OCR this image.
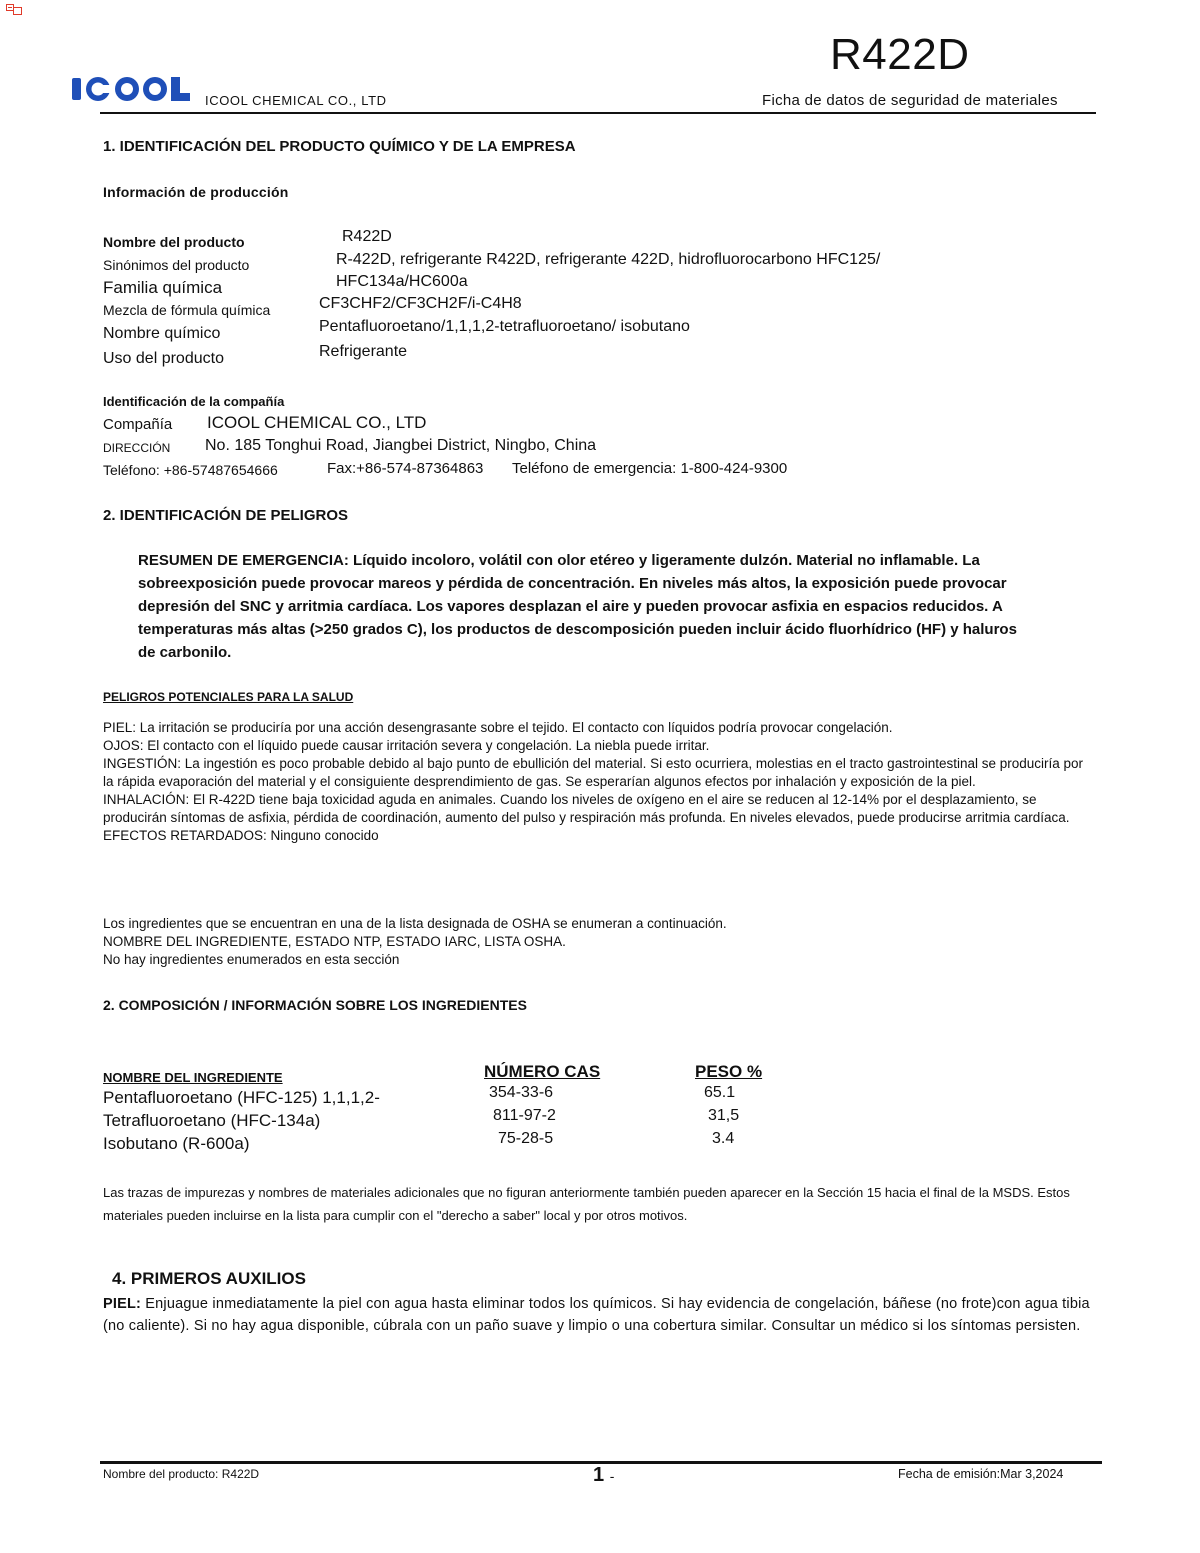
R422D
ICOOL CHEMICAL CO., LTD	Ficha de datos de seguridad de materiales
1. IDENTIFICACIÓN DEL PRODUCTO QUÍMICO Y DE LA EMPRESA
Información de producción
Nombre del producto	R422D
Sinónimos del producto	R-422D, refrigerante R422D, refrigerante 422D, hidrofluorocarbono HFC125/
HFC134a/HC600a
Familia química
Mezcla de fórmula química	CF3CHF2/CF3CH2F/i-C4H8
Nombre químico	Pentafluoroetano/1,1,1,2-tetrafluoroetano/ isobutano
Uso del producto	Refrigerante
Identificación de la compañía
Compañía ICOOL CHEMICAL CO., LTD
DIRECCIÓN No. 185 Tonghui Road, Jiangbei District, Ningbo, China
Teléfono: +86-57487654666	Fax:+86-574-87364863 Teléfono de emergencia: 1-800-424-9300
2. IDENTIFICACIÓN DE PELIGROS
RESUMEN DE EMERGENCIA: Líquido incoloro, volátil con olor etéreo y ligeramente dulzón. Material no inflamable. La sobreexposición puede provocar mareos y pérdida de concentración. En niveles más altos, la exposición puede provocar depresión del SNC y arritmia cardíaca. Los vapores desplazan el aire y pueden provocar asfixia en espacios reducidos. A temperaturas más altas (>250 grados C), los productos de descomposición pueden incluir ácido fluorhídrico (HF) y haluros de carbonilo.
PELIGROS POTENCIALES PARA LA SALUD
PIEL: La irritación se produciría por una acción desengrasante sobre el tejido. El contacto con líquidos podría provocar congelación.
OJOS: El contacto con el líquido puede causar irritación severa y congelación. La niebla puede irritar.
INGESTIÓN: La ingestión es poco probable debido al bajo punto de ebullición del material. Si esto ocurriera, molestias en el tracto gastrointestinal se produciría por la rápida evaporación del material y el consiguiente desprendimiento de gas. Se esperarían algunos efectos por inhalación y exposición de la piel.
INHALACIÓN: El R-422D tiene baja toxicidad aguda en animales. Cuando los niveles de oxígeno en el aire se reducen al 12-14% por el desplazamiento, se producirán síntomas de asfixia, pérdida de coordinación, aumento del pulso y respiración más profunda. En niveles elevados, puede producirse arritmia cardíaca.
EFECTOS RETARDADOS: Ninguno conocido
Los ingredientes que se encuentran en una de la lista designada de OSHA se enumeran a continuación.
NOMBRE DEL INGREDIENTE, ESTADO NTP, ESTADO IARC, LISTA OSHA.
No hay ingredientes enumerados en esta sección
2. COMPOSICIÓN / INFORMACIÓN SOBRE LOS INGREDIENTES
NOMBRE DEL INGREDIENTE	NÚMERO CAS	PESO %
Pentafluoroetano (HFC-125) 1,1,1,2-	354-33-6	65.1
Tetrafluoroetano (HFC-134a)	811-97-2	31,5
Isobutano (R-600a)	75-28-5	3.4
Las trazas de impurezas y nombres de materiales adicionales que no figuran anteriormente también pueden aparecer en la Sección 15 hacia el final de la MSDS. Estos materiales pueden incluirse en la lista para cumplir con el "derecho a saber" local y por otros motivos.
4. PRIMEROS AUXILIOS
PIEL: Enjuague inmediatamente la piel con agua hasta eliminar todos los químicos. Si hay evidencia de congelación, báñese (no frote)con agua tibia (no caliente). Si no hay agua disponible, cúbrala con un paño suave y limpio o una cobertura similar. Consultar un médico si los síntomas persisten.
Nombre del producto: R422D	1 -	Fecha de emisión:Mar 3,2024
